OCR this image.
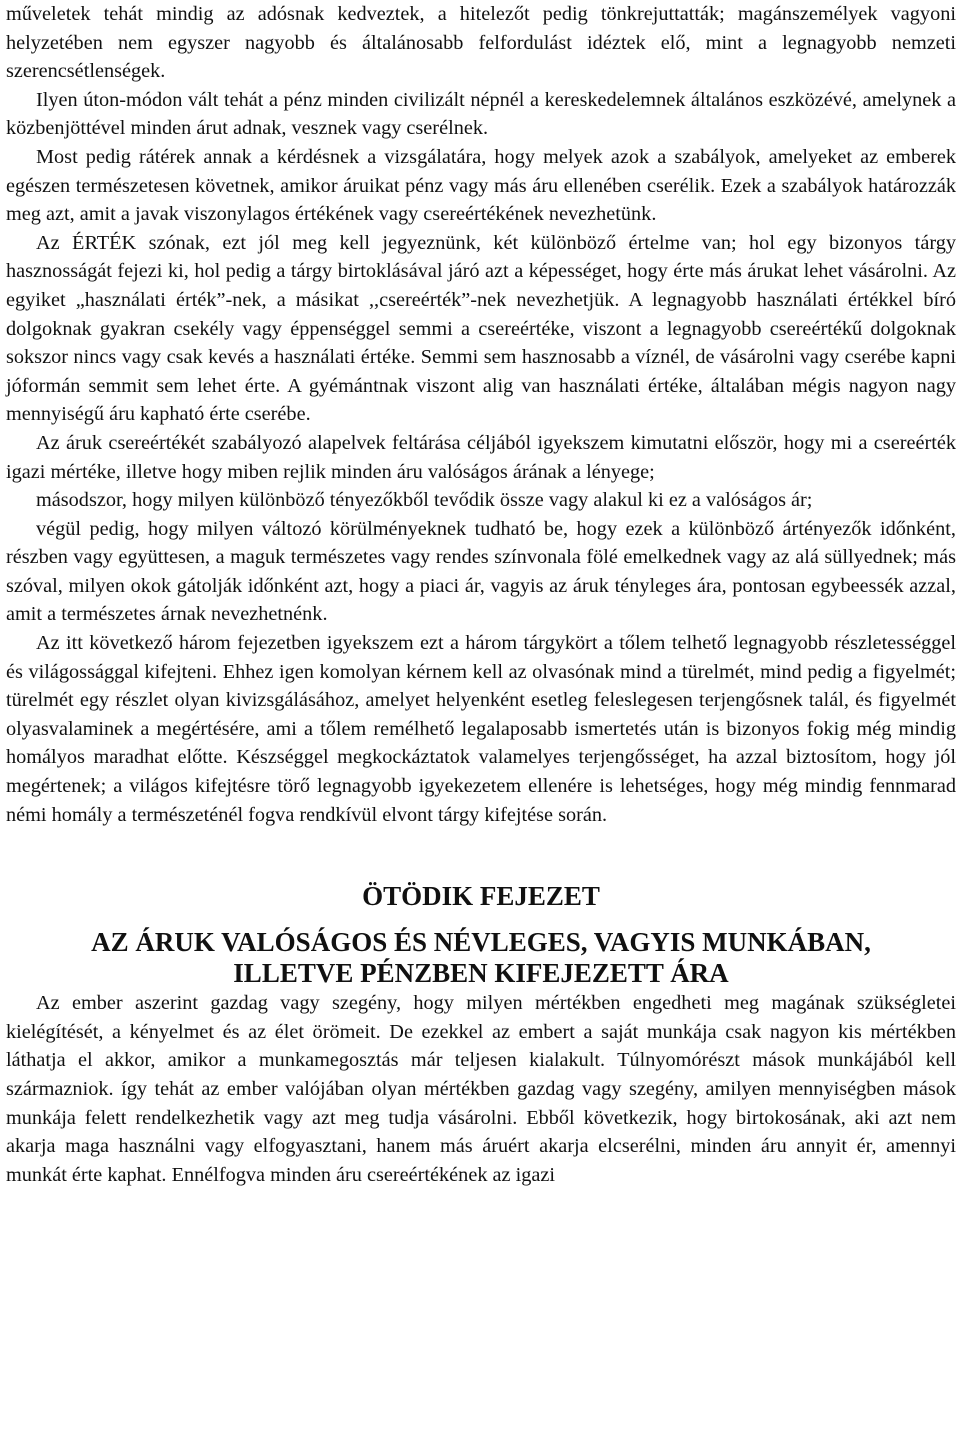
műveletek tehát mindig az adósnak kedveztek, a hitelezőt pedig tönkrejuttatták; magánszemélyek vagyoni helyzetében nem egyszer nagyobb és általánosabb felfordulást idéztek elő, mint a legnagyobb nemzeti szerencsétlenségek.

Ilyen úton-módon vált tehát a pénz minden civilizált népnél a kereskedelemnek általános eszközévé, amelynek a közbenjöttével minden árut adnak, vesznek vagy cserélnek.

Most pedig rátérek annak a kérdésnek a vizsgálatára, hogy melyek azok a szabályok, amelyeket az emberek egészen természetesen követnek, amikor áruikat pénz vagy más áru ellenében cserélik. Ezek a szabályok határozzák meg azt, amit a javak viszonylagos értékének vagy csereértékének nevezhetünk.

Az ÉRTÉK szónak, ezt jól meg kell jegyeznünk, két különböző értelme van; hol egy bizonyos tárgy hasznosságát fejezi ki, hol pedig a tárgy birtoklásával járó azt a képességet, hogy érte más árukat lehet vásárolni. Az egyiket „használati érték”-nek, a másikat ,,csereérték”-nek nevezhetjük. A legnagyobb használati értékkel bíró dolgoknak gyakran csekély vagy éppenséggel semmi a csereértéke, viszont a legnagyobb csereértékű dolgoknak sokszor nincs vagy csak kevés a használati értéke. Semmi sem hasznosabb a víznél, de vásárolni vagy cserébe kapni jóformán semmit sem lehet érte. A gyémántnak viszont alig van használati értéke, általában mégis nagyon nagy mennyiségű áru kapható érte cserébe.

Az áruk csereértékét szabályozó alapelvek feltárása céljából igyekszem kimutatni először, hogy mi a csereérték igazi mértéke, illetve hogy miben rejlik minden áru valóságos árának a lényege;

másodszor, hogy milyen különböző tényezőkből tevődik össze vagy alakul ki ez a valóságos ár;

végül pedig, hogy milyen változó körülményeknek tudható be, hogy ezek a különböző ártényezők időnként, részben vagy együttesen, a maguk természetes vagy rendes színvonala fölé emelkednek vagy az alá süllyednek; más szóval, milyen okok gátolják időnként azt, hogy a piaci ár, vagyis az áruk tényleges ára, pontosan egybeessék azzal, amit a természetes árnak nevezhetnénk.

Az itt következő három fejezetben igyekszem ezt a három tárgykört a tőlem telhető legnagyobb részletességgel és világossággal kifejteni. Ehhez igen komolyan kérnem kell az olvasónak mind a türelmét, mind pedig a figyelmét; türelmét egy részlet olyan kivizsgálásához, amelyet helyenként esetleg feleslegesen terjengősnek talál, és figyelmét olyasvalaminek a megértésére, ami a tőlem remélhető legalaposabb ismertetés után is bizonyos fokig még mindig homályos maradhat előtte. Készséggel megkockáztatok valamelyes terjengősséget, ha azzal biztosítom, hogy jól megértenek; a világos kifejtésre törő legnagyobb igyekezetem ellenére is lehetséges, hogy még mindig fennmarad némi homály a természeténél fogva rendkívül elvont tárgy kifejtése során.

ÖTÖDIK FEJEZET
AZ ÁRUK VALÓSÁGOS ÉS NÉVLEGES, VAGYIS MUNKÁBAN,
ILLETVE PÉNZBEN KIFEJEZETT ÁRA

Az ember aszerint gazdag vagy szegény, hogy milyen mértékben engedheti meg magának szükségletei kielégítését, a kényelmet és az élet örömeit. De ezekkel az embert a saját munkája csak nagyon kis mértékben láthatja el akkor, amikor a munkamegosztás már teljesen kialakult. Túlnyomórészt mások munkájából kell származniok. így tehát az ember valójában olyan mértékben gazdag vagy szegény, amilyen mennyiségben mások munkája felett rendelkezhetik vagy azt meg tudja vásárolni. Ebből következik, hogy birtokosának, aki azt nem akarja maga használni vagy elfogyasztani, hanem más áruért akarja elcserélni, minden áru annyit ér, amennyi munkát érte kaphat. Ennélfogva minden áru csereértékének az igazi
